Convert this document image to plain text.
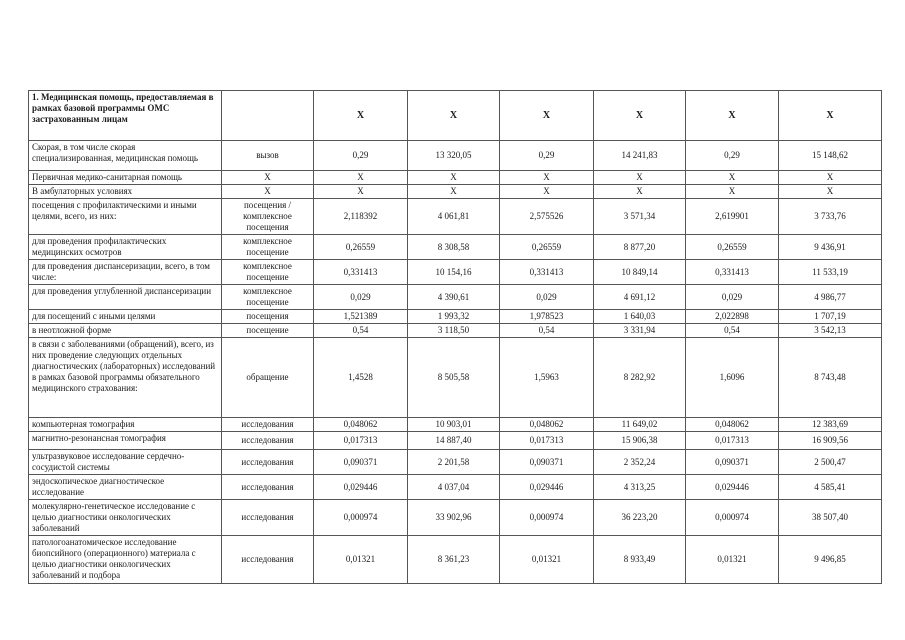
1. Медицинская помощь, предоставляемая в рамках базовой программы ОМС застрахованным лицам		X	X	X	X	X	X
Скорая, в том числе скорая специализированная, медицинская помощь	вызов	0,29	13 320,05	0,29	14 241,83	0,29	15 148,62
Первичная медико-санитарная помощь	X	X	X	X	X	X	X
В амбулаторных условиях	X	X	X	X	X	X	X
посещения с профилактическими и иными целями, всего, из них:	посещения / комплексное посещения	2,118392	4 061,81	2,575526	3 571,34	2,619901	3 733,76
для проведения профилактических медицинских осмотров	комплексное посещение	0,26559	8 308,58	0,26559	8 877,20	0,26559	9 436,91
для проведения диспансеризации, всего, в том числе:	комплексное посещение	0,331413	10 154,16	0,331413	10 849,14	0,331413	11 533,19
для проведения углубленной диспансеризации	комплексное посещение	0,029	4 390,61	0,029	4 691,12	0,029	4 986,77
для посещений с иными целями	посещения	1,521389	1 993,32	1,978523	1 640,03	2,022898	1 707,19
в неотложной форме	посещение	0,54	3 118,50	0,54	3 331,94	0,54	3 542,13
в связи с заболеваниями (обращений), всего, из них проведение следующих отдельных диагностических (лабораторных) исследований в рамках базовой программы обязательного медицинского страхования:	обращение	1,4528	8 505,58	1,5963	8 282,92	1,6096	8 743,48
компьютерная томография	исследования	0,048062	10 903,01	0,048062	11 649,02	0,048062	12 383,69
магнитно-резонансная томография	исследования	0,017313	14 887,40	0,017313	15 906,38	0,017313	16 909,56
ультразвуковое исследование сердечно-сосудистой системы	исследования	0,090371	2 201,58	0,090371	2 352,24	0,090371	2 500,47
эндоскопическое диагностическое исследование	исследования	0,029446	4 037,04	0,029446	4 313,25	0,029446	4 585,41
молекулярно-генетическое исследование с целью диагностики онкологических заболеваний	исследования	0,000974	33 902,96	0,000974	36 223,20	0,000974	38 507,40
патологоанатомическое исследование биопсийного (операционного) материала с целью диагностики онкологических заболеваний и подбора	исследования	0,01321	8 361,23	0,01321	8 933,49	0,01321	9 496,85
